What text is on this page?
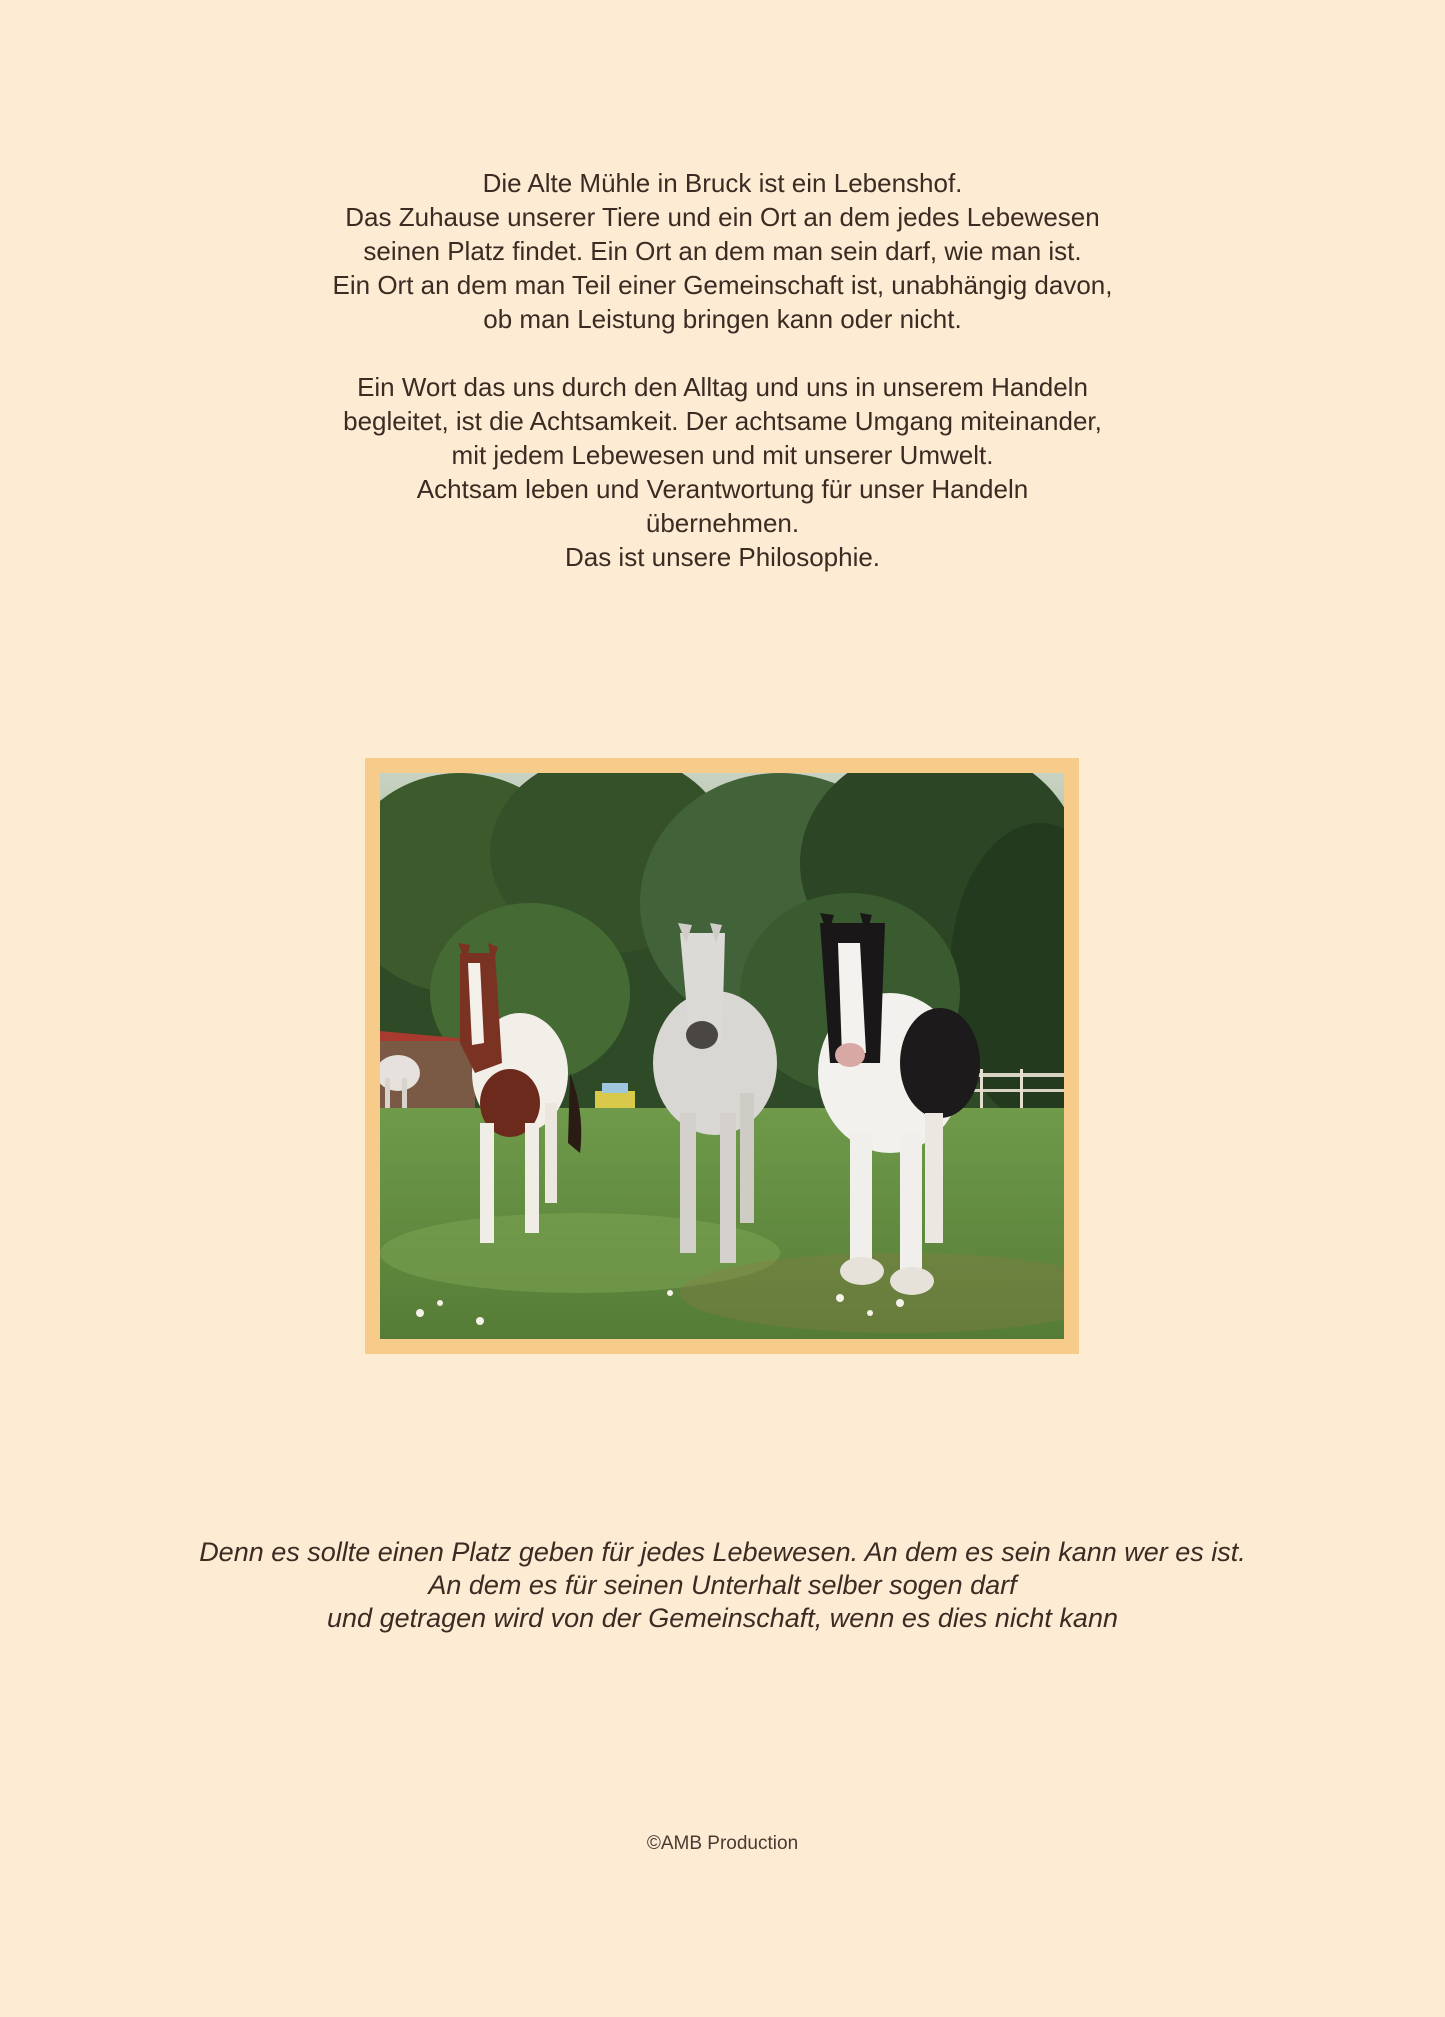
Die Alte Mühle in Bruck ist ein Lebenshof.
Das Zuhause unserer Tiere und ein Ort an dem jedes Lebewesen
seinen Platz findet. Ein Ort an dem man sein darf, wie man ist.
Ein Ort an dem man Teil einer Gemeinschaft ist, unabhängig davon,
ob man Leistung bringen kann oder nicht.
Ein Wort das uns durch den Alltag und uns in unserem Handeln
begleitet, ist die Achtsamkeit. Der achtsame Umgang miteinander,
mit jedem Lebewesen und mit unserer Umwelt.
Achtsam leben und Verantwortung für unser Handeln
übernehmen.
Das ist unsere Philosophie.
Denn es sollte einen Platz geben für jedes Lebewesen. An dem es sein kann wer es ist.
An dem es für seinen Unterhalt selber sogen darf
und getragen wird von der Gemeinschaft, wenn es dies nicht kann
©AMB Production
